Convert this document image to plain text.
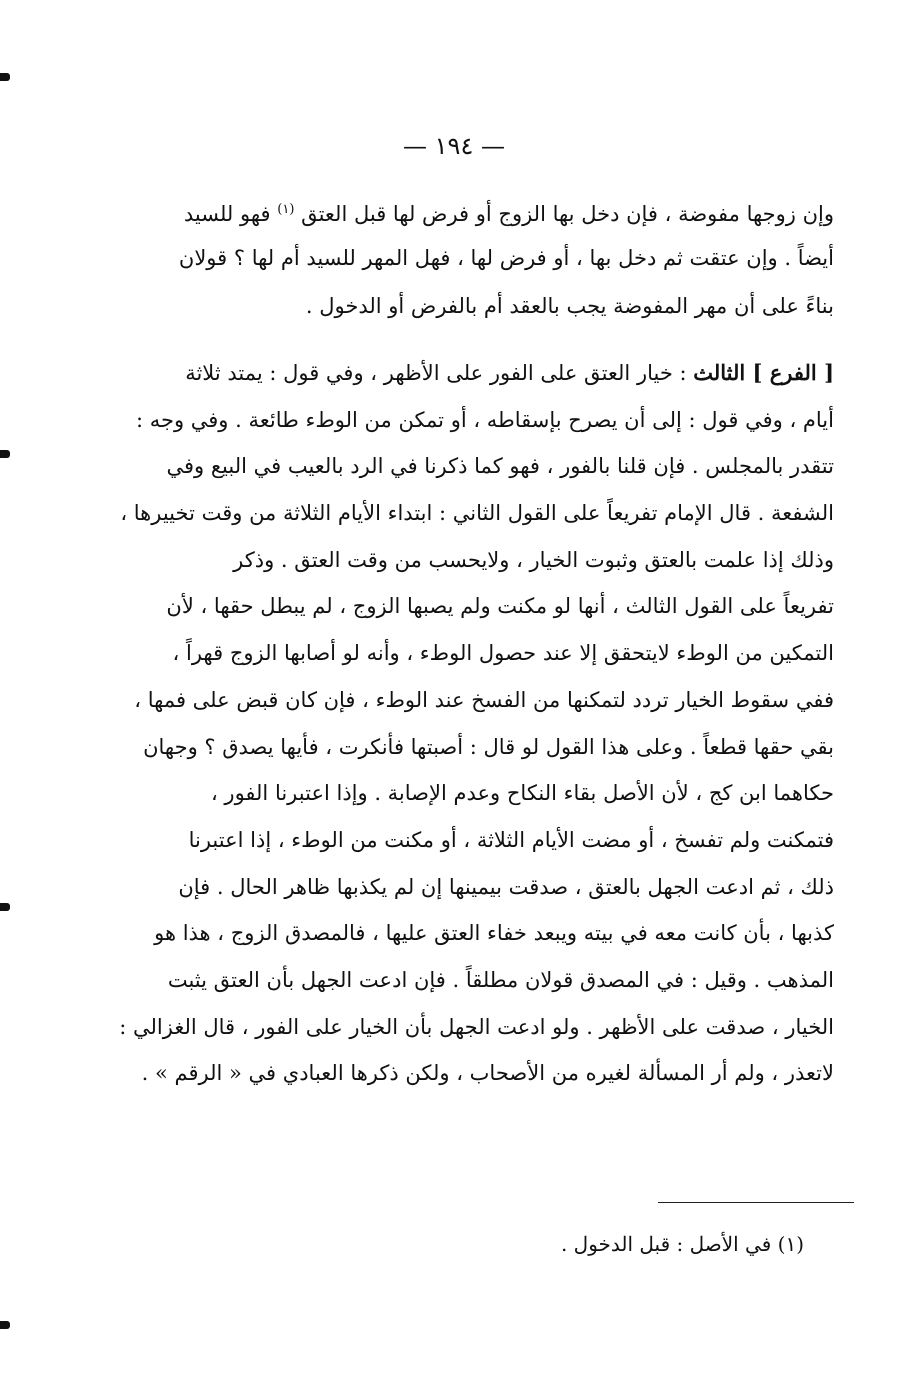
— ١٩٤ —
وإن زوجها مفوضة ، فإن دخل بها الزوج أو فرض لها قبل العتق $^{(١)}$ فهو للسيد
أيضاً . وإن عتقت ثم دخل بها ، أو فرض لها ، فهل المهر للسيد أم لها ؟ قولان
بناءً على أن مهر المفوضة يجب بالعقد أم بالفرض أو الدخول .
[ الفرع ] الثالث : خيار العتق على الفور على الأظهر ، وفي قول : يمتد ثلاثة
أيام ، وفي قول : إلى أن يصرح بإسقاطه ، أو تمكن من الوطء طائعة . وفي وجه :
تتقدر بالمجلس . فإن قلنا بالفور ، فهو كما ذكرنا في الرد بالعيب في البيع وفي
الشفعة . قال الإمام تفريعاً على القول الثاني : ابتداء الأيام الثلاثة من وقت تخييرها ،
وذلك إذا علمت بالعتق وثبوت الخيار ، ولايحسب من وقت العتق . وذكر
تفريعاً على القول الثالث ، أنها لو مكنت ولم يصبها الزوج ، لم يبطل حقها ، لأن
التمكين من الوطء لايتحقق إلا عند حصول الوطء ، وأنه لو أصابها الزوج قهراً ،
ففي سقوط الخيار تردد لتمكنها من الفسخ عند الوطء ، فإن كان قبض على فمها ،
بقي حقها قطعاً . وعلى هذا القول لو قال : أصبتها فأنكرت ، فأيها يصدق ؟ وجهان
حكاهما ابن كج ، لأن الأصل بقاء النكاح وعدم الإصابة . وإذا اعتبرنا الفور ،
فتمكنت ولم تفسخ ، أو مضت الأيام الثلاثة ، أو مكنت من الوطء ، إذا اعتبرنا
ذلك ، ثم ادعت الجهل بالعتق ، صدقت بيمينها إن لم يكذبها ظاهر الحال . فإن
كذبها ، بأن كانت معه في بيته ويبعد خفاء العتق عليها ، فالمصدق الزوج ، هذا هو
المذهب . وقيل : في المصدق قولان مطلقاً . فإن ادعت الجهل بأن العتق يثبت
الخيار ، صدقت على الأظهر . ولو ادعت الجهل بأن الخيار على الفور ، قال الغزالي :
لاتعذر ، ولم أر المسألة لغيره من الأصحاب ، ولكن ذكرها العبادي في « الرقم » .
(١) في الأصل : قبل الدخول .
